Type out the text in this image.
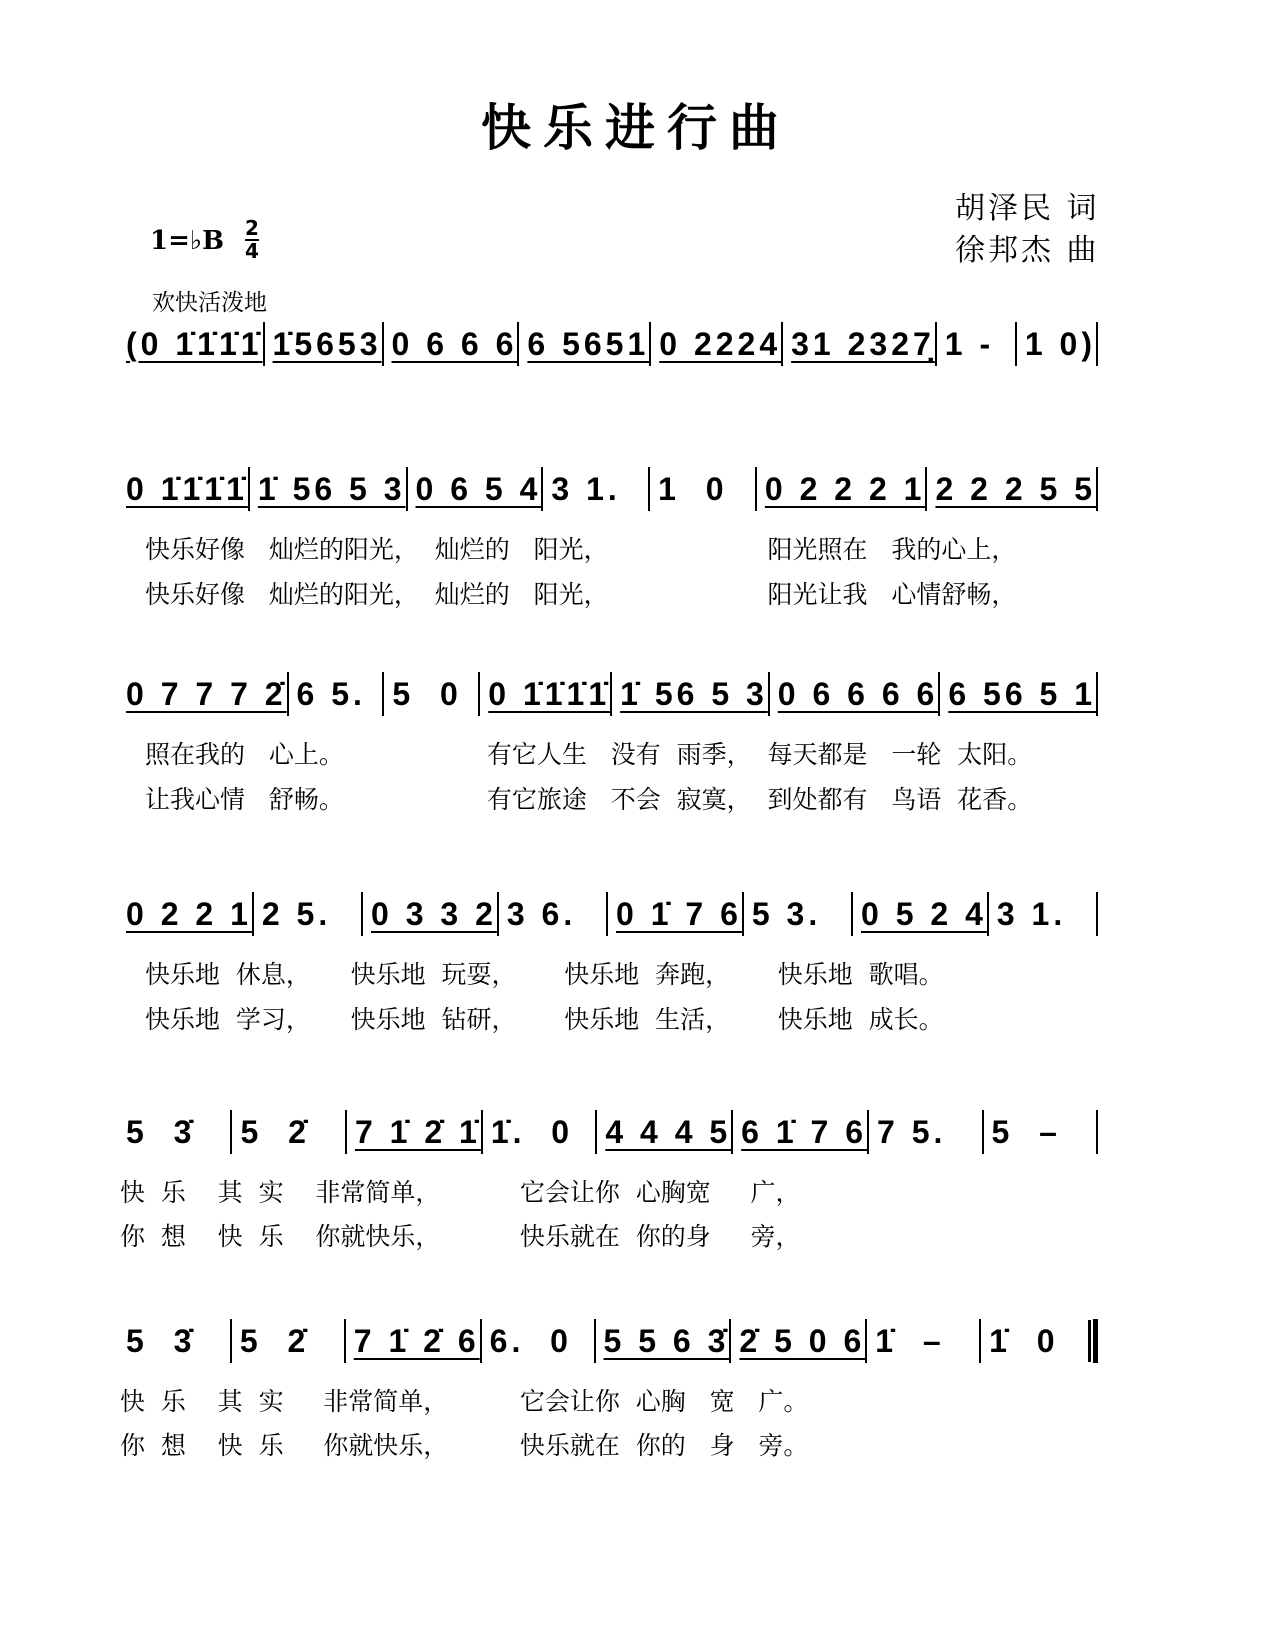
快乐进行曲
胡泽民 词
徐邦杰 曲
1=♭B 2
4
欢快活泼地
(0 1̇1̇1̇1̇ 1̇5653 0 6 6 6 6 5651 0 2224 31 2327̣ 1 - 1 0)
0 1̇1̇1̇1̇ 1̇ 56 5 3 0 6 5 4 3 1. 1  0 0 2 2 2 1 2 2 2 5 5
快乐好像   灿烂的阳光，  灿烂的   阳光，                    阳光照在   我的心上，
快乐好像   灿烂的阳光，  灿烂的   阳光，                    阳光让我   心情舒畅，
0 7 7 7 2̇ 6 5. 5  0 0 1̇1̇1̇1̇ 1̇ 56 5 3 0 6 6 6 6 6 56 5 1
照在我的   心上。                  有它人生   没有  雨季，  每天都是   一轮  太阳。
让我心情   舒畅。                  有它旅途   不会  寂寞，  到处都有   鸟语  花香。
0 2 2 1 2 5. 0 3 3 2 3 6. 0 1̇ 7 6 5 3. 0 5 2 4 3 1.
快乐地  休息，     快乐地  玩耍，      快乐地  奔跑，      快乐地  歌唱。
快乐地  学习，     快乐地  钻研，      快乐地  生活，      快乐地  成长。
5  3̇ 5  2̇ 7 1̇ 2̇ 1̇ 1̇.  0 4 4 4 5 6 1̇ 7 6 7 5. 5  –
快  乐    其  实    非常简单，          它会让你  心胸宽     广，
你  想    快  乐    你就快乐，          快乐就在  你的身     旁，
5  3̇ 5  2̇ 7 1̇ 2̇ 6 6.  0 5 5 6 3̇ 2̇ 5 0 6 1̇  – 1̇  0
快  乐    其  实     非常简单，         它会让你  心胸   宽   广。
你  想    快  乐     你就快乐，         快乐就在  你的   身   旁。
